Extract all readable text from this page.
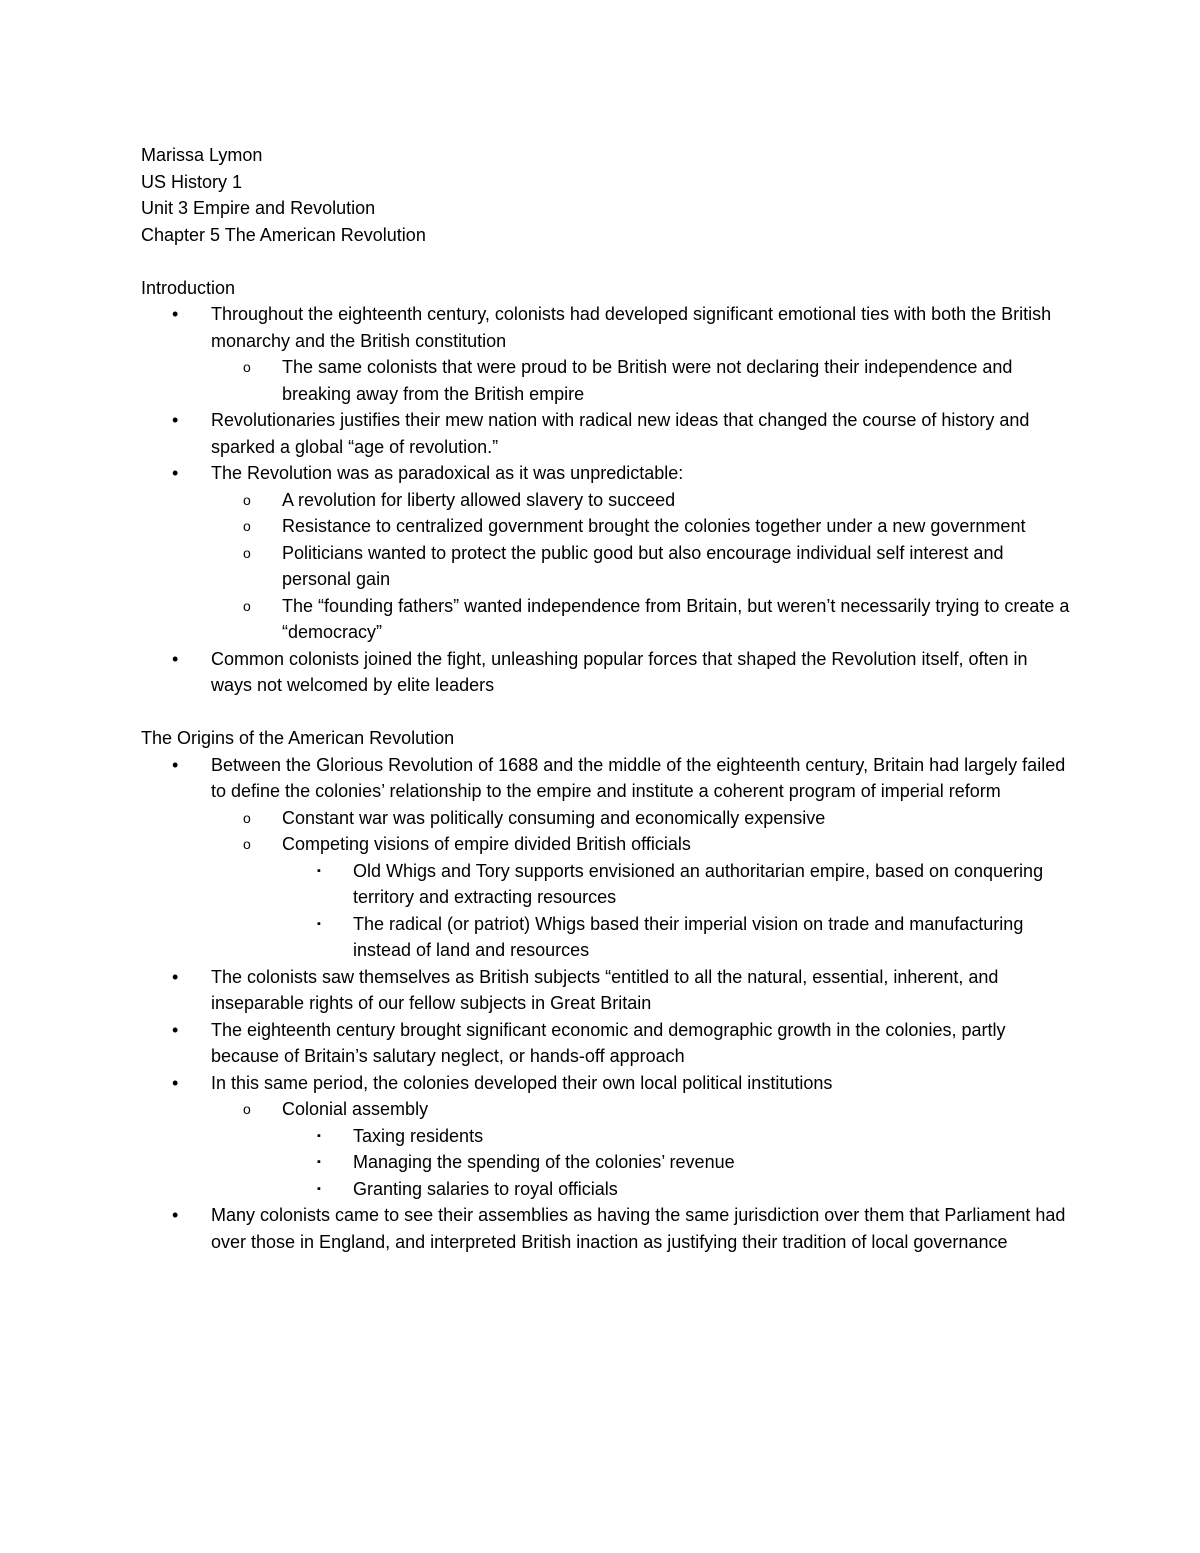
Marissa Lymon

US History 1

Unit 3 Empire and Revolution

Chapter 5 The American Revolution

Introduction

• Throughout the eighteenth century, colonists had developed significant emotional ties with both the British monarchy and the British constitution
o The same colonists that were proud to be British were not declaring their independence and breaking away from the British empire
• Revolutionaries justifies their mew nation with radical new ideas that changed the course of history and sparked a global “age of revolution.”
• The Revolution was as paradoxical as it was unpredictable:
o A revolution for liberty allowed slavery to succeed
o Resistance to centralized government brought the colonies together under a new government
o Politicians wanted to protect the public good but also encourage individual self interest and personal gain
o The “founding fathers” wanted independence from Britain, but weren’t necessarily trying to create a “democracy”
• Common colonists joined the fight, unleashing popular forces that shaped the Revolution itself, often in ways not welcomed by elite leaders

The Origins of the American Revolution

• Between the Glorious Revolution of 1688 and the middle of the eighteenth century, Britain had largely failed to define the colonies’ relationship to the empire and institute a coherent program of imperial reform
o Constant war was politically consuming and economically expensive
o Competing visions of empire divided British officials
▪ Old Whigs and Tory supports envisioned an authoritarian empire, based on conquering territory and extracting resources
▪ The radical (or patriot) Whigs based their imperial vision on trade and manufacturing instead of land and resources
• The colonists saw themselves as British subjects “entitled to all the natural, essential, inherent, and inseparable rights of our fellow subjects in Great Britain
• The eighteenth century brought significant economic and demographic growth in the colonies, partly because of Britain’s salutary neglect, or hands-off approach
• In this same period, the colonies developed their own local political institutions
o Colonial assembly
▪ Taxing residents
▪ Managing the spending of the colonies’ revenue
▪ Granting salaries to royal officials
• Many colonists came to see their assemblies as having the same jurisdiction over them that Parliament had over those in England, and interpreted British inaction as justifying their tradition of local governance
